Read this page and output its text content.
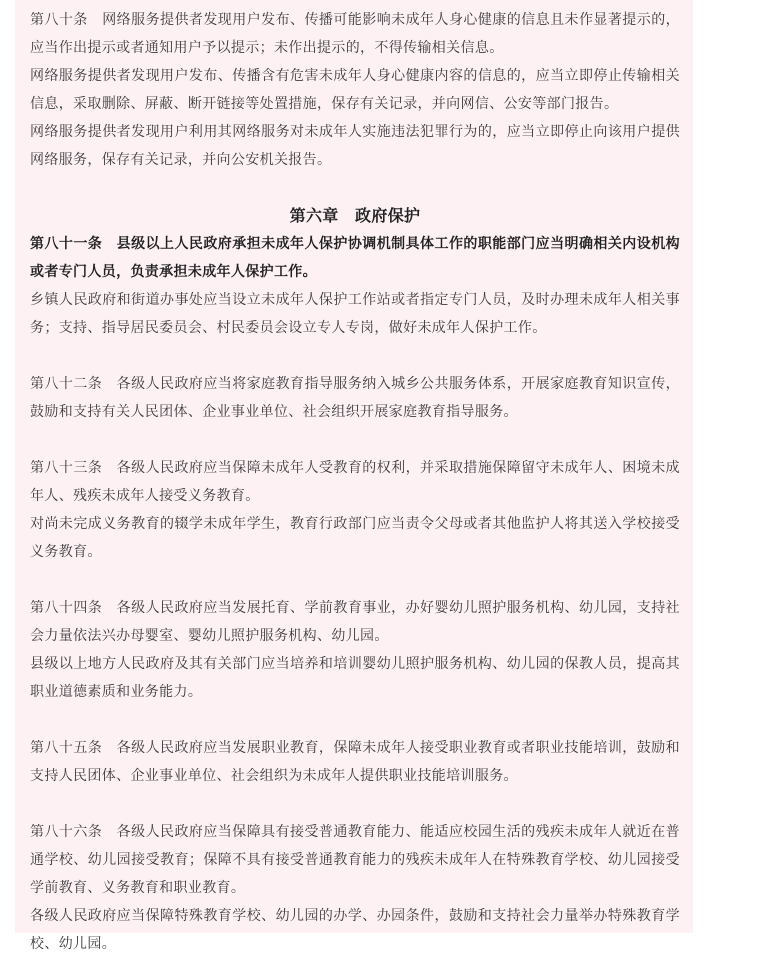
第八十条　网络服务提供者发现用户发布、传播可能影响未成年人身心健康的信息且未作显著提示的，应当作出提示或者通知用户予以提示；未作出提示的，不得传输相关信息。

网络服务提供者发现用户发布、传播含有危害未成年人身心健康内容的信息的，应当立即停止传输相关信息，采取删除、屏蔽、断开链接等处置措施，保存有关记录，并向网信、公安等部门报告。

网络服务提供者发现用户利用其网络服务对未成年人实施违法犯罪行为的，应当立即停止向该用户提供网络服务，保存有关记录，并向公安机关报告。

第六章　政府保护

第八十一条　县级以上人民政府承担未成年人保护协调机制具体工作的职能部门应当明确相关内设机构或者专门人员，负责承担未成年人保护工作。

乡镇人民政府和街道办事处应当设立未成年人保护工作站或者指定专门人员，及时办理未成年人相关事务；支持、指导居民委员会、村民委员会设立专人专岗，做好未成年人保护工作。

第八十二条　各级人民政府应当将家庭教育指导服务纳入城乡公共服务体系，开展家庭教育知识宣传，鼓励和支持有关人民团体、企业事业单位、社会组织开展家庭教育指导服务。

第八十三条　各级人民政府应当保障未成年人受教育的权利，并采取措施保障留守未成年人、困境未成年人、残疾未成年人接受义务教育。

对尚未完成义务教育的辍学未成年学生，教育行政部门应当责令父母或者其他监护人将其送入学校接受义务教育。

第八十四条　各级人民政府应当发展托育、学前教育事业，办好婴幼儿照护服务机构、幼儿园，支持社会力量依法兴办母婴室、婴幼儿照护服务机构、幼儿园。

县级以上地方人民政府及其有关部门应当培养和培训婴幼儿照护服务机构、幼儿园的保教人员，提高其职业道德素质和业务能力。

第八十五条　各级人民政府应当发展职业教育，保障未成年人接受职业教育或者职业技能培训，鼓励和支持人民团体、企业事业单位、社会组织为未成年人提供职业技能培训服务。

第八十六条　各级人民政府应当保障具有接受普通教育能力、能适应校园生活的残疾未成年人就近在普通学校、幼儿园接受教育；保障不具有接受普通教育能力的残疾未成年人在特殊教育学校、幼儿园接受学前教育、义务教育和职业教育。

各级人民政府应当保障特殊教育学校、幼儿园的办学、办园条件，鼓励和支持社会力量举办特殊教育学校、幼儿园。
